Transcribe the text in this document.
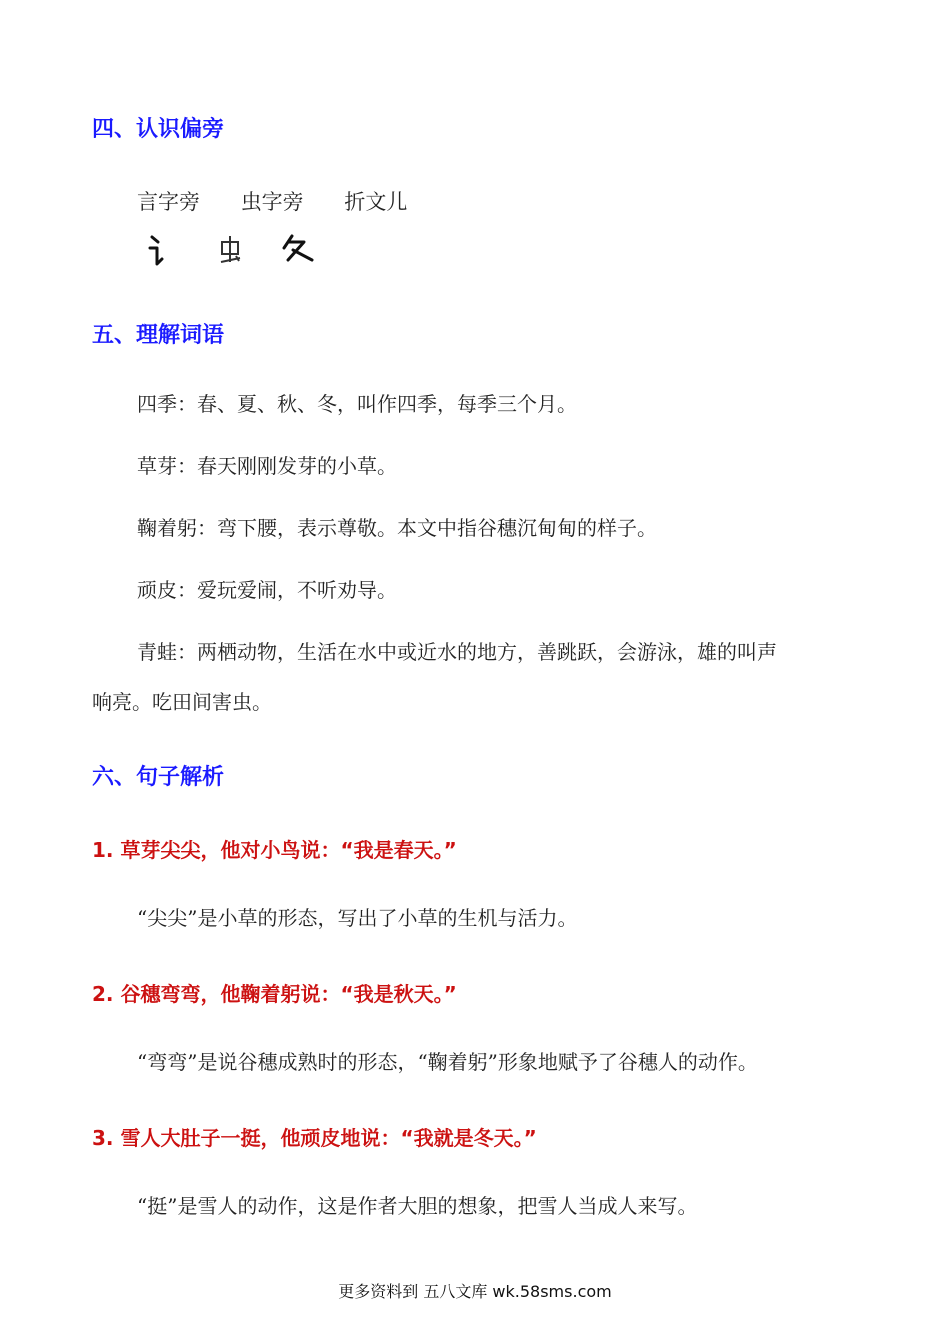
四、认识偏旁
言字旁 虫字旁 折文儿
五、理解词语
四季：春、夏、秋、冬，叫作四季，每季三个月。
草芽：春天刚刚发芽的小草。
鞠着躬：弯下腰，表示尊敬。本文中指谷穗沉甸甸的样子。
顽皮：爱玩爱闹，不听劝导。
青蛙：两栖动物，生活在水中或近水的地方，善跳跃，会游泳，雄的叫声
响亮。吃田间害虫。
六、句子解析
1. 草芽尖尖，他对小鸟说：“我是春天。”
“尖尖”是小草的形态，写出了小草的生机与活力。
2. 谷穗弯弯，他鞠着躬说：“我是秋天。”
“弯弯”是说谷穗成熟时的形态，“鞠着躬”形象地赋予了谷穗人的动作。
3. 雪人大肚子一挺，他顽皮地说：“我就是冬天。”
“挺”是雪人的动作，这是作者大胆的想象，把雪人当成人来写。
更多资料到 五八文库 wk.58sms.com
